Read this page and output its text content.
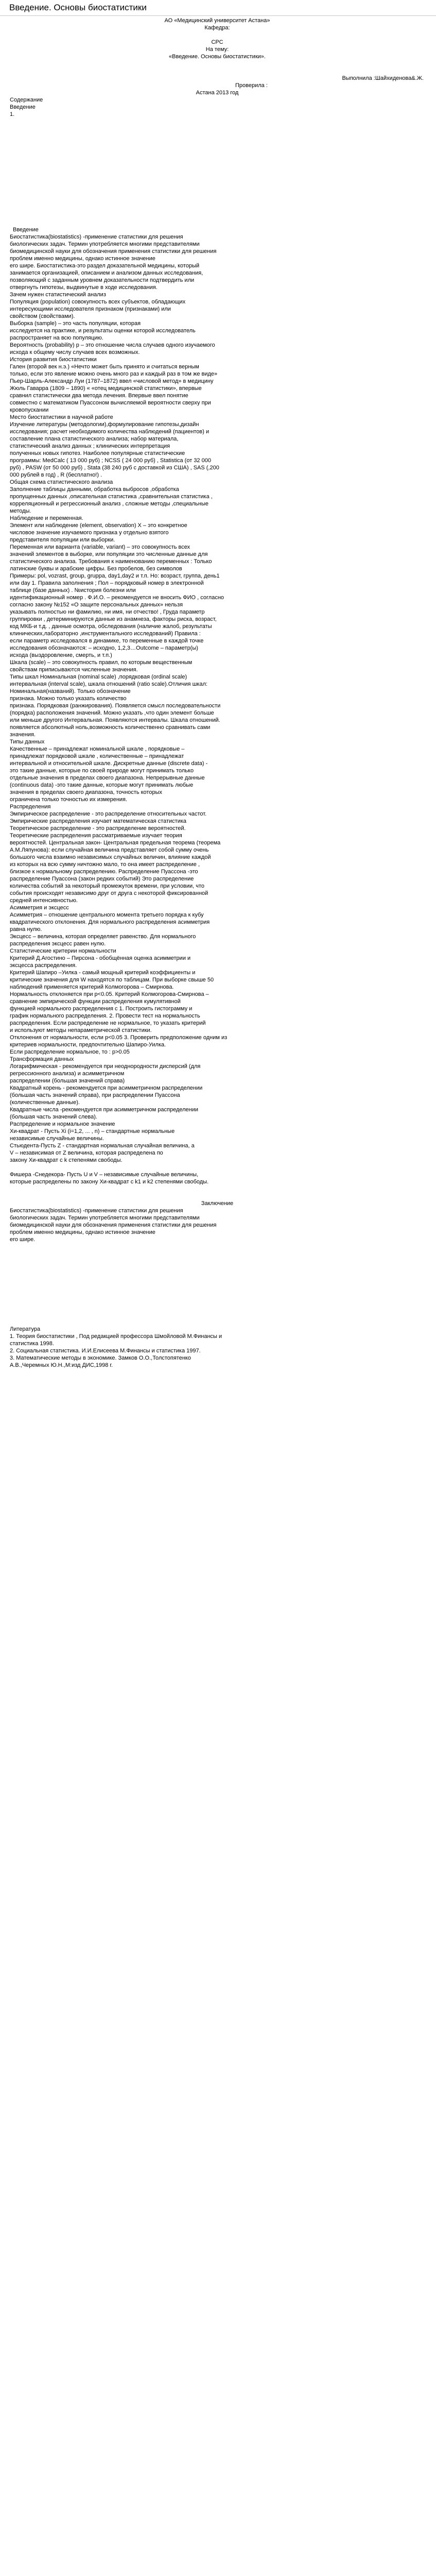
Введение. Основы биостатистики

АО «Медицинский университет Астана»

Кафедра:

СРС

На тему:

«Введение. Основы биостатистики».

Выполнила :Шайхиденова&.Ж.

Проверила :

Астана 2013 год

Содержание

Введение

1.

Введение

Биостатистика(biostatistics) -применение статистики для решения

биологических задач. Термин употребляется многими представителями

биомедицинской науки для обозначения применения статистики для решения

проблем именно медицины, однако истинное значение

его шире. Биостатистика-это раздел доказательной медицины, который

занимается организацией, описанием и анализом данных исследования,

позволяющий с заданным уровнем доказательности подтвердить или

отвергнуть гипотезы, выдвинутые в ходе исследования.

Зачем нужен статистический анализ

Популяция (population) совокупность всех субъектов, обладающих

интересующими исследователя признаком (признаками) или

свойством (свойствами).

Выборка (sample) – это часть популяции, которая

исследуется на практике, и результаты оценки которой исследователь

распространяет на всю популяцию.

Вероятность (probability) р – это отношение числа случаев одного изучаемого

исхода к общему числу случаев всех возможных.

История развития биостатистики

Гален (второй век н.э.) «Нечто может быть принято и считаться верным

только, если это явление можно очень много раз и каждый раз в том же виде»

Пьер-Шарль-Александр Луи (1787–1872) ввел «числовой метод» в медицину

Жюль Гаварра (1809 – 1890) « «отец медицинской статистики», впервые

сравнил статистически два метода лечения. Впервые ввел понятие

совместно с математиком Пуассоном вычисляемой вероятности сверху при

кровопускании

Место биостатистики в научной работе

Изучение литературы (методологии),формулирование гипотезы,дизайн

исследования; расчет необходимого количества наблюдений (пациентов) и

составление плана статистического анализа; набор материала,

статистический анализ данных ; клинических интерпретация

полученных новых гипотез. Наиболее популярные статистические

программы: MedCalc ( 13 000 руб) ; NCSS ( 24 000 руб) , Statistica (от 32 000

руб) , PASW (от 50 000 руб) , Stata (38 240 руб с доставкой из США) , SAS (,200

000 рублей в год) , R (бесплатно!) .

Общая схема статистического анализа

Заполнение таблицы данными, обработка выбросов ,обработка

пропущенных данных ,описательная статистика ,сравнительная статистика ,

корреляционный и регрессионный анализ , сложные методы ,специальные

методы.

Наблюдение и переменная.

Элемент или наблюдение (element, observation) Х – это конкретное

числовое значение изучаемого признака у отдельно взятого

представителя популяции или выборки.

Переменная или варианта (variable, variant) – это совокупность всех

значений элементов в выборке, или популяции это численные данные для

статистического анализа. Требования к наименованию переменных : Только

латинские буквы и арабские цифры. Без пробелов, без символов

Примеры: pol, vozrast, group, gruppa, day1,day2 и т.п. Но: возраст, группа, день1

или day 1. Правила заполнения ; Пол – порядковый номер в электронной

таблице (базе данных) . №история болезни или

идентификационный номер . Ф.И.О. – рекомендуется не вносить ФИО , согласно

согласно закону №152 «О защите персональных данных» нельзя

указывать полностью ни фамилию, ни имя, ни отчество! , Груда параметр

группировки , детерминируются данные из анамнеза, факторы риска, возраст,

код МКБ-и т.д. , данные осмотра, обследования (наличие жалоб, результаты

клинических,лабораторно ,инструментального исследований) Правила :

если параметр исследовался в динамике, то переменные в каждой точке

исследования обозначаются: – исходно, 1,2,3…Outcome – параметр(ы)

исхода (выздоровление, смерть, и т.п.)

Шкала (scale) – это совокупность правил, по которым вещественным

свойствам приписываются численные значения.

Типы шкал Номинальная (nominal scale) ,порядковая (ordinal scale)

интервальная (interval scale), шкала отношений (ratio scale).Отличия шкал:

Номинальная(названий). Только обозначение

признака. Можно только указать количество

признака. Порядковая (ранжирования). Появляется смысл последовательности

(порядка) расположения значений. Можно указать ,что один элемент больше

или меньше другого Интервальная. Появляются интервалы. Шкала отношений.

появляется абсолютный ноль,возможность количественно сравнивать сами

значения.

Типы данных

Качественные – принадлежат номинальной шкале , порядковые –

принадлежат порядковой шкале , количественные – принадлежат

интервальной и относительной шкале. Дискретные данные (discrete data) -

это такие данные, которые по своей природе могут принимать только

отдельные значения в пределах своего диапазона. Непрерывные данные

(continuous data) -это такие данные, которые могут принимать любые

значения в пределах своего диапазона, точность которых

ограничена только точностью их измерения.

Распределения

Эмпирическое распределение - это распределение относительных частот.

Эмпирические распределения изучает математическая статистика

Теоретическое распределение - это распределение вероятностей.

Теоретические распределения рассматриваемые изучает теория

вероятностей. Центральная закон- Центральная предельная теорема (теорема

А.М.Ляпунова): если случайная величина представляет собой сумму очень

большого числа взаимно независимых случайных величин, влияние каждой

из которых на всю сумму ничтожно мало, то она имеет распределение ,

близкое к нормальному распределению. Распределение Пуассона -это

распределение Пуассона (закон редких событий) Это распределение

количества событий за некоторый промежуток времени, при условии, что

события происходят независимо друг от друга с некоторой фиксированной

средней интенсивностью.

Асимметрия и эксцесс

Асимметрия – отношение центрального момента третьего порядка к кубу

квадратического отклонения. Для нормального распределения асимметрия

равна нулю.

Эксцесс – величина, которая определяет равенство. Для нормального

распределения эксцесс равен нулю.

Статистические критерии нормальности

Критерий Д.Агостино – Пирсона - обобщённая оценка асимметрии и

эксцесса распределения.

Критерий Шапиро –Уилка - самый мощный критерий коэффициенты и

критические значения для W находятся по таблицам. При выборке свыше 50

наблюдений применяется критерий Колмогорова – Смирнова.

Нормальность отклоняется при p<0.05. Критерий Колмогорова-Смирнова –

сравнение эмпирической функции распределения кумулятивной

функцией нормального распределения с 1. Построить гистограмму и

график нормального распределения. 2. Провести тест на нормальность

распределения. Если распределение не нормальное, то указать критерий

и используют методы непараметрической статистики.

Отклонения от нормальности, если p<0.05 3. Проверить предположение одним из

критериев нормальности, предпочтительно Шапиро-Уилка.

Если распределение нормальное, то : p>0.05

Трансформация данных

Логарифмическая - рекомендуется при неоднородности дисперсий (для

регрессионного анализа) и асимметричном

распределении (большая значений справа)

Квадратный корень - рекомендуется при асимметричном распределении

(большая часть значений справа), при распределении Пуассона

(количественные данные).

Квадратные числа -рекомендуется при асимметричном распределении

(большая часть значений слева).

Распределение и нормальное значение

Хи-квадрат - Пусть Xi (i=1,2, ... , n) – стандартные нормальные

независимые случайные величины.

Стьюдента-Пусть Z - стандартная нормальная случайная величина, а

V – независимая от Z величина, которая распределена по

закону Хи-квадрат с k степенями свободы.

Фишера -Снедекора- Пусть U и V – независимые случайные величины,

которые распределены по закону Хи-квадрат с k1 и k2 степенями свободы.

Заключение

Биостатистика(biostatistics) -применение статистики для решения

биологических задач. Термин употребляется многими представителями

биомедицинской науки для обозначения применения статистики для решения

проблем именно медицины, однако истинное значение

его шире.

Литература

1. Теория биостатистики , Под редакцией профессора Шмойловой М.Финансы и

статистика 1998.

2. Социальная статистика. И.И.Елисеева М.Финансы и статистика 1997.

3. Математические методы в экономике. Замков О.О.,Толстопятенко

А.В.,Черемных Ю.Н.,М:изд ДИС,1998 г.
